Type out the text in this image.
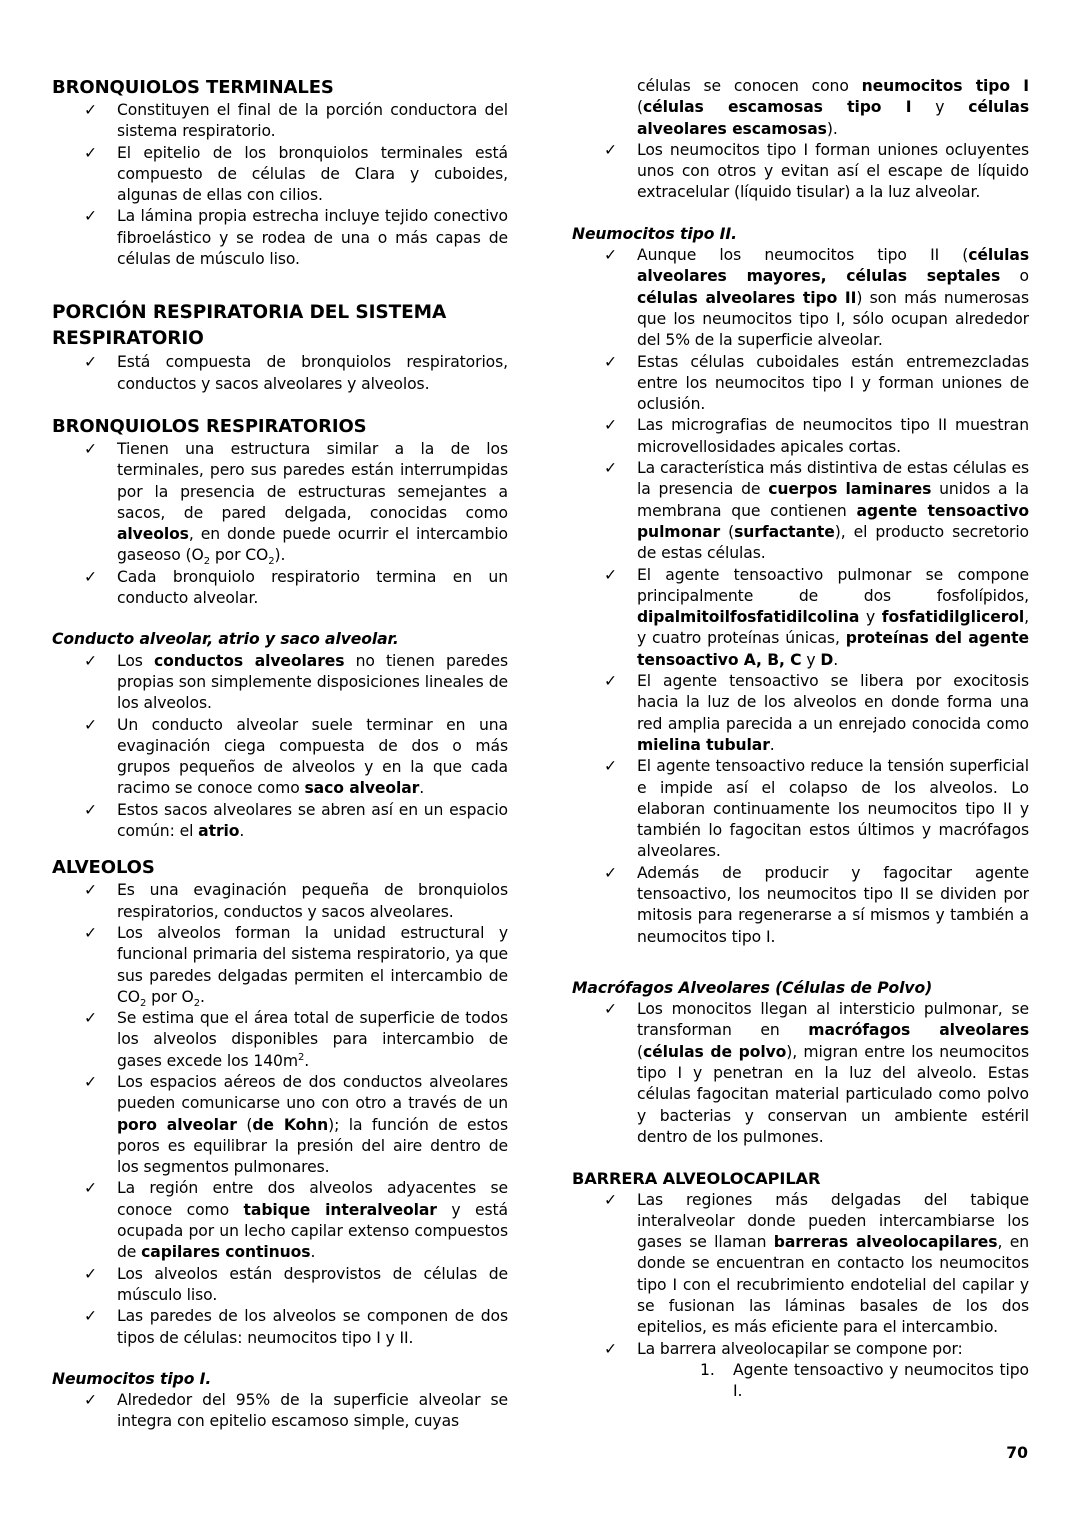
BRONQUIOLOS TERMINALES
✓ Constituyen el final de la porción conductora del sistema respiratorio.
✓ El epitelio de los bronquiolos terminales está compuesto de células de Clara y cuboides, algunas de ellas con cilios.
✓ La lámina propia estrecha incluye tejido conectivo fibroelástico y se rodea de una o más capas de células de músculo liso.
PORCIÓN RESPIRATORIA DEL SISTEMA
RESPIRATORIO
✓ Está compuesta de bronquiolos respiratorios, conductos y sacos alveolares y alveolos.
BRONQUIOLOS RESPIRATORIOS
✓ Tienen una estructura similar a la de los terminales, pero sus paredes están interrumpidas por la presencia de estructuras semejantes a sacos, de pared delgada, conocidas como alveolos, en donde puede ocurrir el intercambio gaseoso ($O_2$ por $CO_2$).
✓ Cada bronquiolo respiratorio termina en un conducto alveolar.
Conducto alveolar, atrio y saco alveolar.
✓ Los conductos alveolares no tienen paredes propias son simplemente disposiciones lineales de los alveolos.
✓ Un conducto alveolar suele terminar en una evaginación ciega compuesta de dos o más grupos pequeños de alveolos y en la que cada racimo se conoce como saco alveolar.
✓ Estos sacos alveolares se abren así en un espacio común: el atrio.
ALVEOLOS
✓ Es una evaginación pequeña de bronquiolos respiratorios, conductos y sacos alveolares.
✓ Los alveolos forman la unidad estructural y funcional primaria del sistema respiratorio, ya que sus paredes delgadas permiten el intercambio de $CO_2$ por $O_2$.
✓ Se estima que el área total de superficie de todos los alveolos disponibles para intercambio de gases excede los $140m^2$.
✓ Los espacios aéreos de dos conductos alveolares pueden comunicarse uno con otro a través de un poro alveolar (de Kohn); la función de estos poros es equilibrar la presión del aire dentro de los segmentos pulmonares.
✓ La región entre dos alveolos adyacentes se conoce como tabique interalveolar y está ocupada por un lecho capilar extenso compuestos de capilares continuos.
✓ Los alveolos están desprovistos de células de músculo liso.
✓ Las paredes de los alveolos se componen de dos tipos de células: neumocitos tipo I y II.
Neumocitos tipo I.
✓ Alrededor del 95% de la superficie alveolar se integra con epitelio escamoso simple, cuyas
células se conocen cono neumocitos tipo I (células escamosas tipo I y células alveolares escamosas).
✓ Los neumocitos tipo I forman uniones ocluyentes unos con otros y evitan así el escape de líquido extracelular (líquido tisular) a la luz alveolar.
Neumocitos tipo II.
✓ Aunque los neumocitos tipo II (células alveolares mayores, células septales o células alveolares tipo II) son más numerosas que los neumocitos tipo I, sólo ocupan alrededor del 5% de la superficie alveolar.
✓ Estas células cuboidales están entremezcladas entre los neumocitos tipo I y forman uniones de oclusión.
✓ Las micrografias de neumocitos tipo II muestran microvellosidades apicales cortas.
✓ La característica más distintiva de estas células es la presencia de cuerpos laminares unidos a la membrana que contienen agente tensoactivo pulmonar (surfactante), el producto secretorio de estas células.
✓ El agente tensoactivo pulmonar se compone principalmente de dos fosfolípidos, dipalmitoilfosfatidilcolina y fosfatidilglicerol, y cuatro proteínas únicas, proteínas del agente tensoactivo A, B, C y D.
✓ El agente tensoactivo se libera por exocitosis hacia la luz de los alveolos en donde forma una red amplia parecida a un enrejado conocida como mielina tubular.
✓ El agente tensoactivo reduce la tensión superficial e impide así el colapso de los alveolos. Lo elaboran continuamente los neumocitos tipo II y también lo fagocitan estos últimos y macrófagos alveolares.
✓ Además de producir y fagocitar agente tensoactivo, los neumocitos tipo II se dividen por mitosis para regenerarse a sí mismos y también a neumocitos tipo I.
Macrófagos Alveolares (Células de Polvo)
✓ Los monocitos llegan al intersticio pulmonar, se transforman en macrófagos alveolares (células de polvo), migran entre los neumocitos tipo I y penetran en la luz del alveolo. Estas células fagocitan material particulado como polvo y bacterias y conservan un ambiente estéril dentro de los pulmones.
BARRERA ALVEOLOCAPILAR
✓ Las regiones más delgadas del tabique interalveolar donde pueden intercambiarse los gases se llaman barreras alveolocapilares, en donde se encuentran en contacto los neumocitos tipo I con el recubrimiento endotelial del capilar y se fusionan las láminas basales de los dos epitelios, es más eficiente para el intercambio.
✓ La barrera alveolocapilar se compone por:
1. Agente tensoactivo y neumocitos tipo I.
70
